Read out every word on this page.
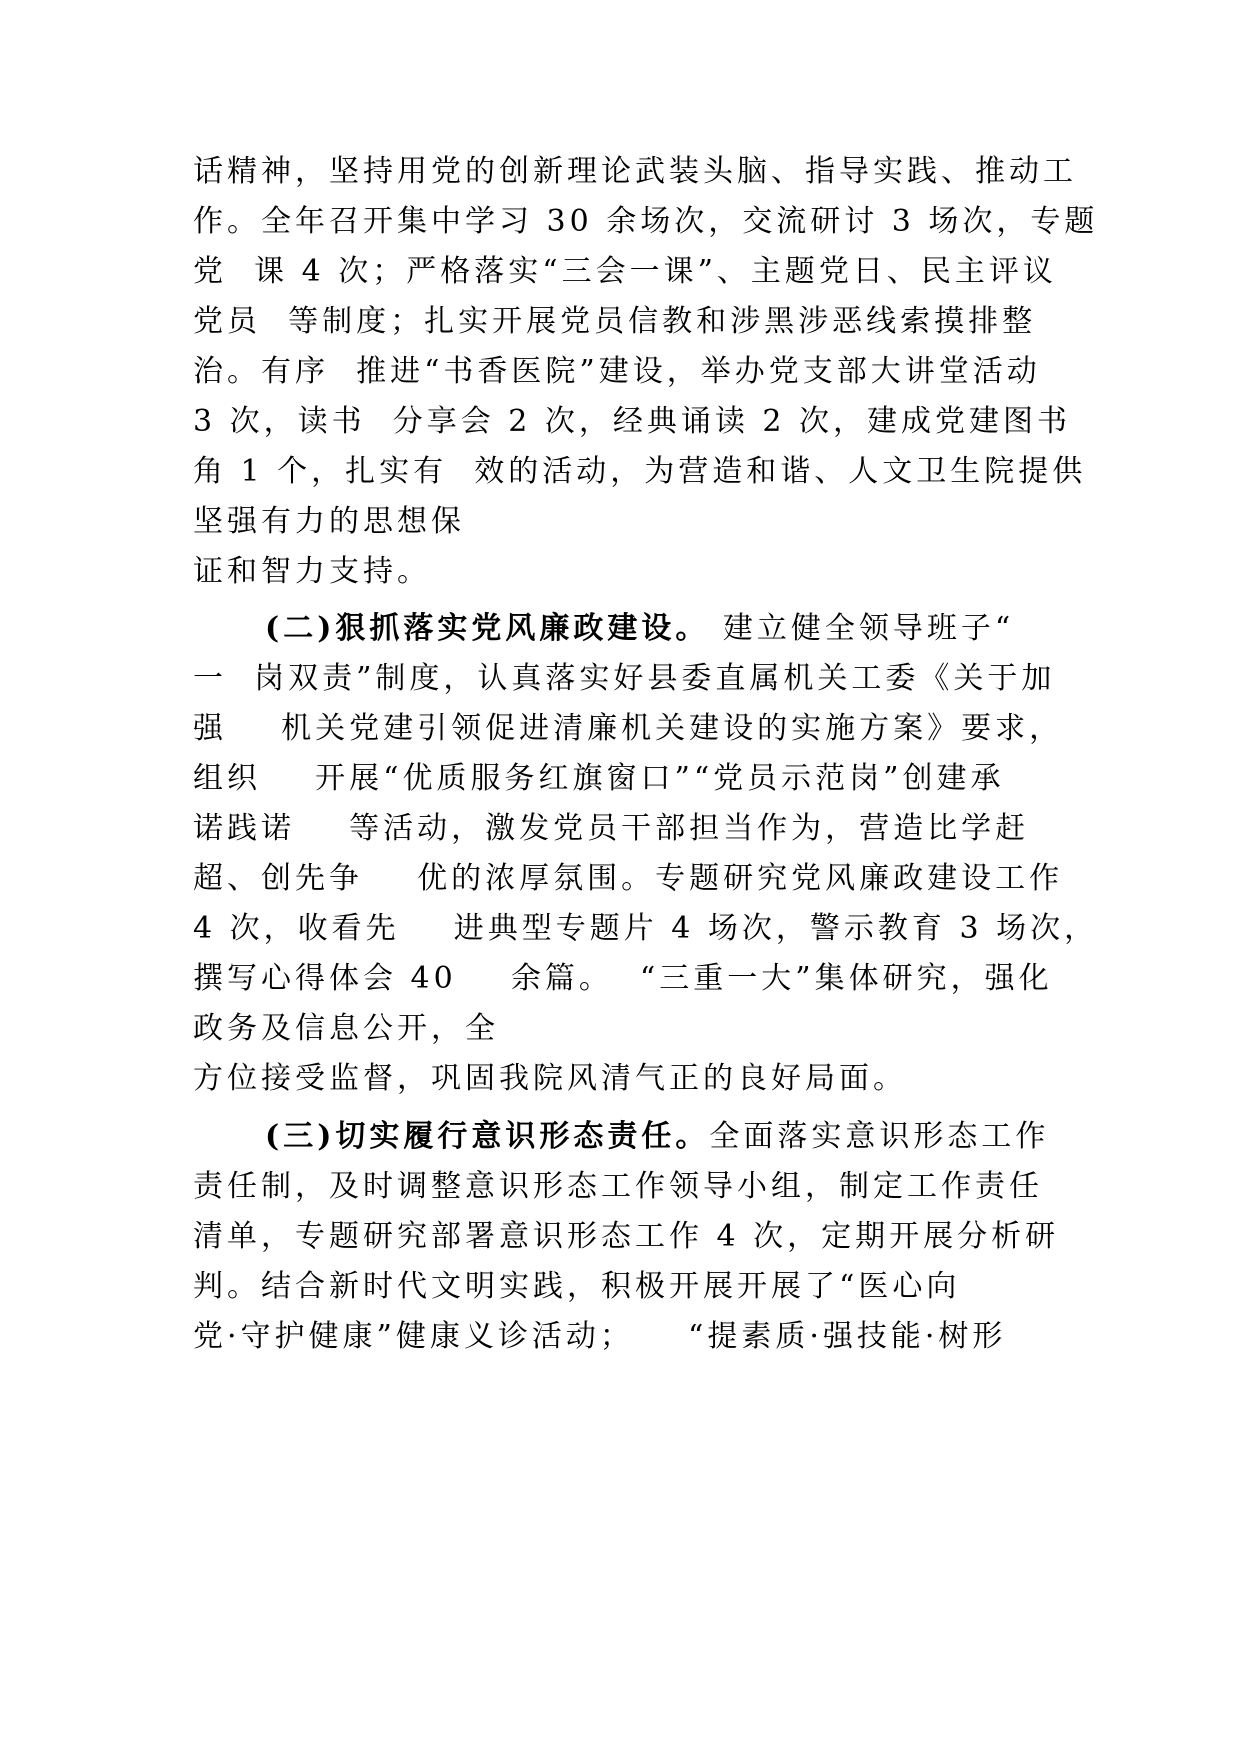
话精神，坚持用党的创新理论武装头脑、指导实践、推动工
作。全年召开集中学习 30 余场次，交流研讨 3 场次，专题
党  课 4 次；严格落实“三会一课”、主题党日、民主评议
党员  等制度；扎实开展党员信教和涉黑涉恶线索摸排整
治。有序  推进“书香医院”建设，举办党支部大讲堂活动
3 次，读书  分享会 2 次，经典诵读 2 次，建成党建图书
角 1 个，扎实有  效的活动，为营造和谐、人文卫生院提供
坚强有力的思想保
证和智力支持。
(二)狠抓落实党风廉政建设。 建立健全领导班子“
一  岗双责”制度，认真落实好县委直属机关工委《关于加
强    机关党建引领促进清廉机关建设的实施方案》要求，
组织    开展“优质服务红旗窗口”“党员示范岗”创建承
诺践诺    等活动，激发党员干部担当作为，营造比学赶
超、创先争    优的浓厚氛围。专题研究党风廉政建设工作
4 次，收看先    进典型专题片 4 场次，警示教育 3 场次，
撰写心得体会 40    余篇。  “三重一大”集体研究，强化
政务及信息公开，全
方位接受监督，巩固我院风清气正的良好局面。
(三)切实履行意识形态责任。全面落实意识形态工作
责任制，及时调整意识形态工作领导小组，制定工作责任
清单，专题研究部署意识形态工作 4 次，定期开展分析研
判。结合新时代文明实践，积极开展开展了“医心向
党·守护健康”健康义诊活动；    “提素质·强技能·树形
